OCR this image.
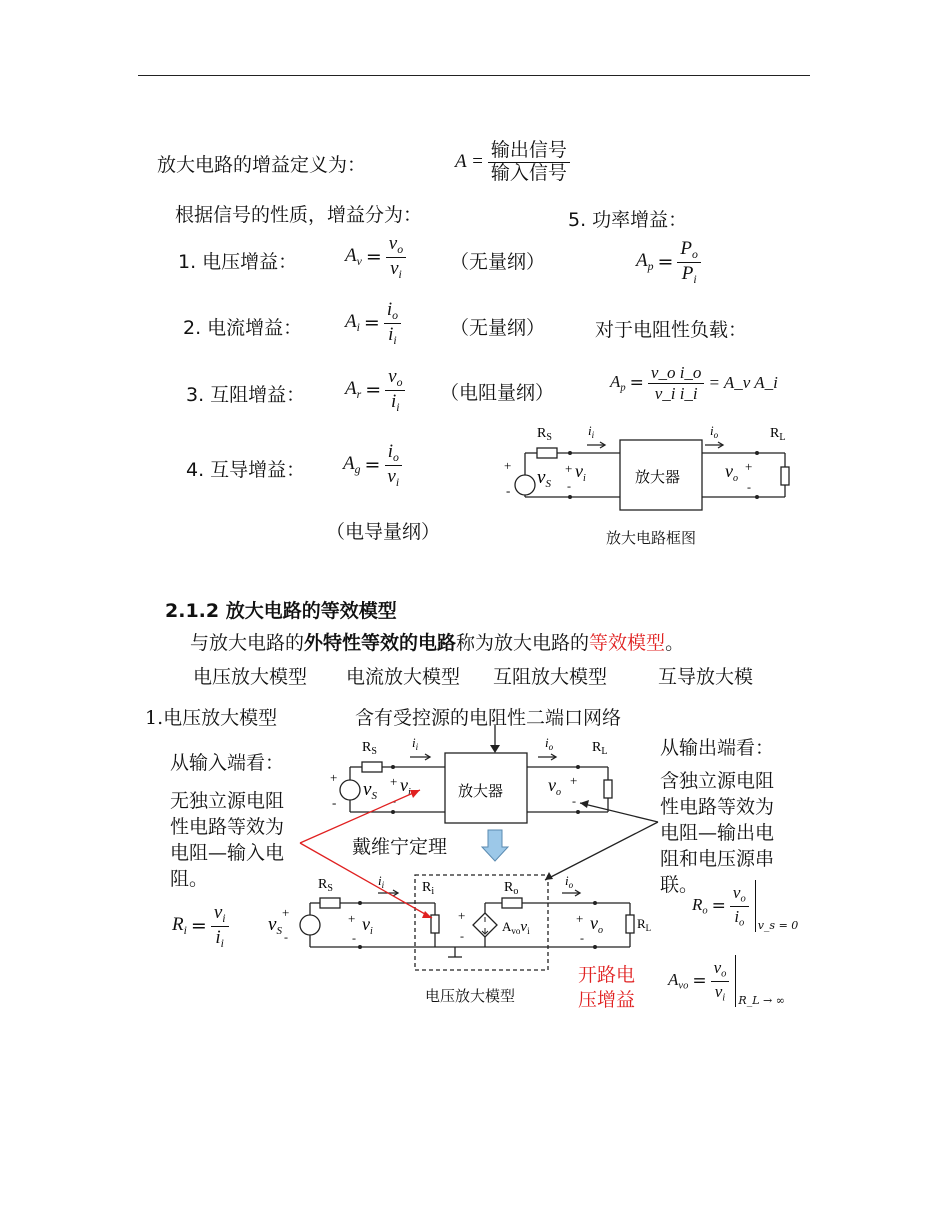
放大电路的增益定义为：	$A = \frac{\text{输出信号}}{\text{输入信号}}$
根据信号的性质，增益分为：
1. 电压增益：	$A_v = \frac{v_o}{v_i}$ （无量纲）
2. 电流增益： $A_i = \frac{i_o}{i_i}$	（无量纲）
3. 互阻增益： $A_r = \frac{v_o}{i_i}$ （电阻量纲）
4. 互导增益： $A_g = \frac{i_o}{v_i}$
（电导量纲）
5. 功率增益：
$A_p = \frac{P_o}{P_i}$
对于电阻性负载：
$A_p = \frac{\text{v\_o i\_o}}{\text{v\_i i\_i}}$ = A_v A_i
$R_S$	$i_i$	$i_o$	$R_L$
+
-
$v_S$
+ $v_i$
-	放大器 $v_o$
+
-
放大电路框图
2.1.2 放大电路的等效模型
与放大电路的外特性等效的电路称为放大电路的等效模型。
电压放大模型 电流放大模型 互阻放大模型	互导放大模
1.电压放大模型	含有受控源的电阻性二端口网络
从输入端看：
从输出端看：
无独立源电阻
性电路等效为
电阻—输入电
阻。
含独立源电阻
性电路等效为
电阻—输出电
阻和电压源串
联。
戴维宁定理
$R_S$
$i_i$	$i_o$	$R_L$
+
-
$v_S$
+ $v_i$
-
放大器 $v_o$
+
-
$R_S$
$i_i$	$R_i$	$R_o$
$i_o$
$v_S$
+
-
+ $v_i$
-
+
-
$A_{vo}v_i$
+ $v_o$
-
$R_L$
$R_i = \frac{v_i}{i_i}$	$R_o = \frac{v_o}{i_o}$ v_s = 0
$A_{vo} = \frac{v_o}{v_i}$ R_L → ∞
电压放大模型
开路电
压增益
